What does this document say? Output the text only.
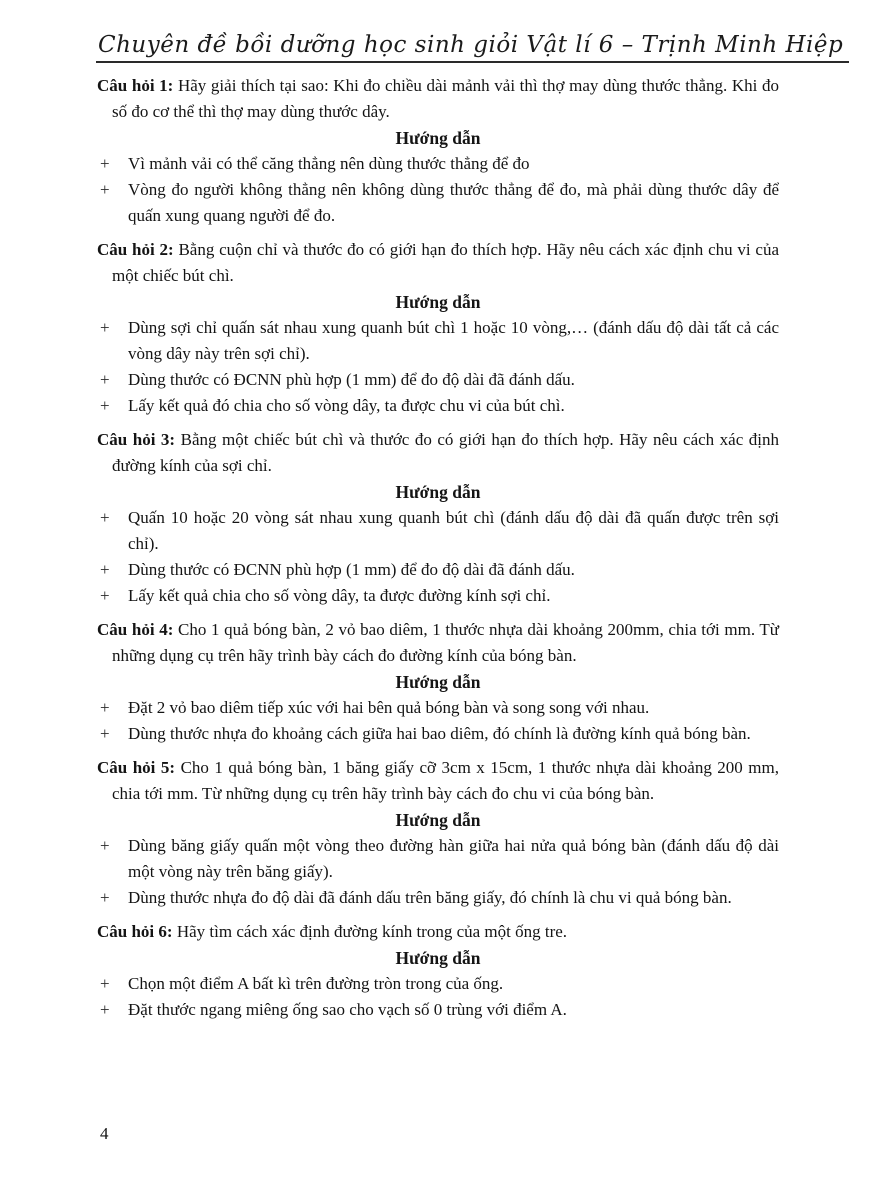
Chuyên đề bồi dưỡng học sinh giỏi Vật lí 6 – Trịnh Minh Hiệp

Câu hỏi 1: Hãy giải thích tại sao: Khi đo chiều dài mảnh vải thì thợ may dùng thước thẳng. Khi đo số đo cơ thể thì thợ may dùng thước dây.

Hướng dẫn
+	Vì mảnh vải có thể căng thẳng nên dùng thước thẳng để đo
+	Vòng đo người không thẳng nên không dùng thước thẳng để đo, mà phải dùng thước dây để quấn xung quang người để đo.

Câu hỏi 2: Bằng cuộn chỉ và thước đo có giới hạn đo thích hợp. Hãy nêu cách xác định chu vi của một chiếc bút chì.

Hướng dẫn
+	Dùng sợi chỉ quấn sát nhau xung quanh bút chì 1 hoặc 10 vòng,… (đánh dấu độ dài tất cả các vòng dây này trên sợi chỉ).
+	Dùng thước có ĐCNN phù hợp (1 mm) để đo độ dài đã đánh dấu.
+	Lấy kết quả đó chia cho số vòng dây, ta được chu vi của bút chì.

Câu hỏi 3: Bằng một chiếc bút chì và thước đo có giới hạn đo thích hợp. Hãy nêu cách xác định đường kính của sợi chỉ.

Hướng dẫn
+	Quấn 10 hoặc 20 vòng sát nhau xung quanh bút chì (đánh dấu độ dài đã quấn được trên sợi chỉ).
+	Dùng thước có ĐCNN phù hợp (1 mm) để đo độ dài đã đánh dấu.
+	Lấy kết quả chia cho số vòng dây, ta được đường kính sợi chỉ.

Câu hỏi 4: Cho 1 quả bóng bàn, 2 vỏ bao diêm, 1 thước nhựa dài khoảng 200mm, chia tới mm. Từ những dụng cụ trên hãy trình bày cách đo đường kính của bóng bàn.

Hướng dẫn
+	Đặt 2 vỏ bao diêm tiếp xúc với hai bên quả bóng bàn và song song với nhau.
+	Dùng thước nhựa đo khoảng cách giữa hai bao diêm, đó chính là đường kính quả bóng bàn.

Câu hỏi 5: Cho 1 quả bóng bàn, 1 băng giấy cỡ 3cm x 15cm, 1 thước nhựa dài khoảng 200 mm, chia tới mm. Từ những dụng cụ trên hãy trình bày cách đo chu vi của bóng bàn.

Hướng dẫn
+	Dùng băng giấy quấn một vòng theo đường hàn giữa hai nửa quả bóng bàn (đánh dấu độ dài một vòng này trên băng giấy).
+	Dùng thước nhựa đo độ dài đã đánh dấu trên băng giấy, đó chính là chu vi quả bóng bàn.

Câu hỏi 6: Hãy tìm cách xác định đường kính trong của một ống tre.

Hướng dẫn
+	Chọn một điểm A bất kì trên đường tròn trong của ống.
+	Đặt thước ngang miêng ống sao cho vạch số 0 trùng với điểm A.
4
